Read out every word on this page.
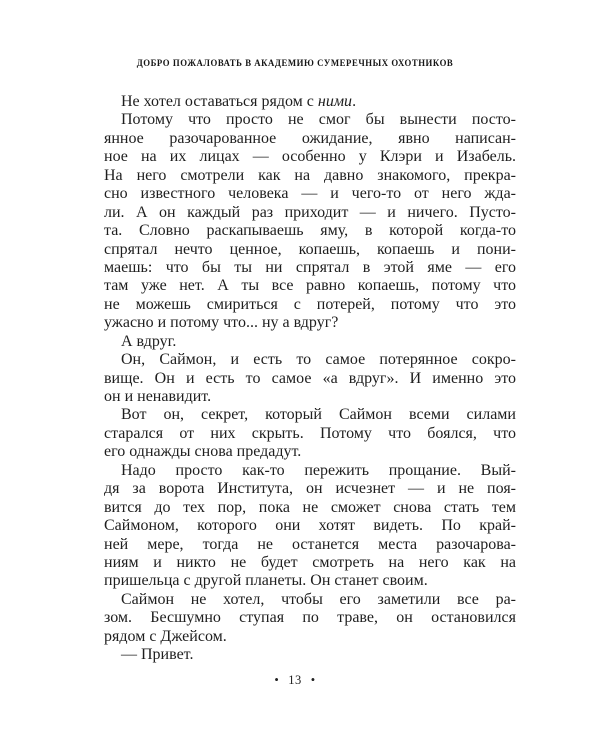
ДОБРО ПОЖАЛОВАТЬ В АКАДЕМИЮ СУМЕРЕЧНЫХ ОХОТНИКОВ
Не хотел оставаться рядом с ними.
Потому что просто не смог бы вынести посто-
янное разочарованное ожидание, явно написан-
ное на их лицах — особенно у Клэри и Изабель.
На него смотрели как на давно знакомого, прекра-
сно известного человека — и чего-то от него жда-
ли. А он каждый раз приходит — и ничего. Пусто-
та. Словно раскапываешь яму, в которой когда-то
спрятал нечто ценное, копаешь, копаешь и пони-
маешь: что бы ты ни спрятал в этой яме — его
там уже нет. А ты все равно копаешь, потому что
не можешь смириться с потерей, потому что это
ужасно и потому что... ну а вдруг?
А вдруг.
Он, Саймон, и есть то самое потерянное сокро-
вище. Он и есть то самое «а вдруг». И именно это
он и ненавидит.
Вот он, секрет, который Саймон всеми силами
старался от них скрыть. Потому что боялся, что
его однажды снова предадут.
Надо просто как-то пережить прощание. Вый-
дя за ворота Института, он исчезнет — и не поя-
вится до тех пор, пока не сможет снова стать тем
Саймоном, которого они хотят видеть. По край-
ней мере, тогда не останется места разочарова-
ниям и никто не будет смотреть на него как на
пришельца с другой планеты. Он станет своим.
Саймон не хотел, чтобы его заметили все ра-
зом. Бесшумно ступая по траве, он остановился
рядом с Джейсом.
— Привет.
• 13 •
